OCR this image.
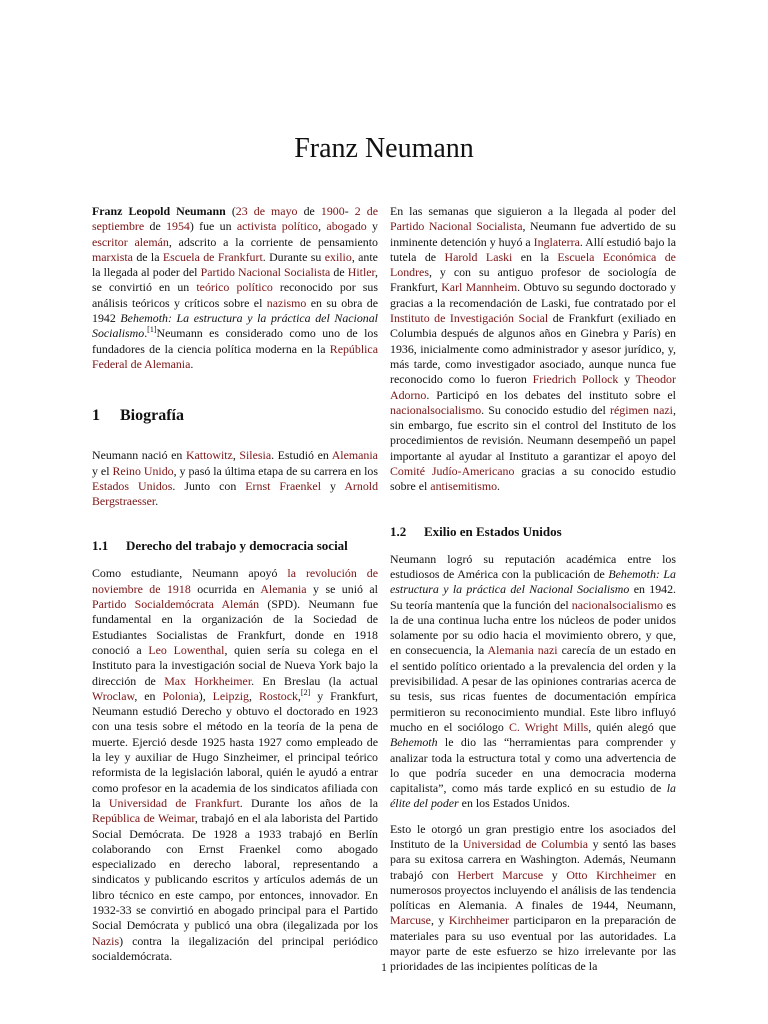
Franz Neumann

Franz Leopold Neumann (23 de mayo de 1900- 2 de septiembre de 1954) fue un activista político, abogado y escritor alemán, adscrito a la corriente de pensamiento marxista de la Escuela de Frankfurt. Durante su exilio, ante la llegada al poder del Partido Nacional Socialista de Hitler, se convirtió en un teórico político reconocido por sus análisis teóricos y críticos sobre el nazismo en su obra de 1942 Behemoth: La estructura y la práctica del Nacional Socialismo.[1]Neumann es considerado como uno de los fundadores de la ciencia política moderna en la República Federal de Alemania.

1	Biografía

Neumann nació en Kattowitz, Silesia. Estudió en Alemania y el Reino Unido, y pasó la última etapa de su carrera en los Estados Unidos. Junto con Ernst Fraenkel y Arnold Bergstraesser.

1.1	Derecho del trabajo y democracia social

Como estudiante, Neumann apoyó la revolución de noviembre de 1918 ocurrida en Alemania y se unió al Partido Socialdemócrata Alemán (SPD). Neumann fue fundamental en la organización de la Sociedad de Estudiantes Socialistas de Frankfurt, donde en 1918 conoció a Leo Lowenthal, quien sería su colega en el Instituto para la investigación social de Nueva York bajo la dirección de Max Horkheimer. En Breslau (la actual Wroclaw, en Polonia), Leipzig, Rostock,[2] y Frankfurt, Neumann estudió Derecho y obtuvo el doctorado en 1923 con una tesis sobre el método en la teoría de la pena de muerte. Ejerció desde 1925 hasta 1927 como empleado de la ley y auxiliar de Hugo Sinzheimer, el principal teórico reformista de la legislación laboral, quién le ayudó a entrar como profesor en la academia de los sindicatos afiliada con la Universidad de Frankfurt. Durante los años de la República de Weimar, trabajó en el ala laborista del Partido Social Demócrata. De 1928 a 1933 trabajó en Berlín colaborando con Ernst Fraenkel como abogado especializado en derecho laboral, representando a sindicatos y publicando escritos y artículos además de un libro técnico en este campo, por entonces, innovador. En 1932-33 se convirtió en abogado principal para el Partido Social Demócrata y publicó una obra (ilegalizada por los Nazis) contra la ilegalización del principal periódico socialdemócrata.

En las semanas que siguieron a la llegada al poder del Partido Nacional Socialista, Neumann fue advertido de su inminente detención y huyó a Inglaterra. Allí estudió bajo la tutela de Harold Laski en la Escuela Económica de Londres, y con su antiguo profesor de sociología de Frankfurt, Karl Mannheim. Obtuvo su segundo doctorado y gracias a la recomendación de Laski, fue contratado por el Instituto de Investigación Social de Frankfurt (exiliado en Columbia después de algunos años en Ginebra y París) en 1936, inicialmente como administrador y asesor jurídico, y, más tarde, como investigador asociado, aunque nunca fue reconocido como lo fueron Friedrich Pollock y Theodor Adorno. Participó en los debates del instituto sobre el nacionalsocialismo. Su conocido estudio del régimen nazi, sin embargo, fue escrito sin el control del Instituto de los procedimientos de revisión. Neumann desempeñó un papel importante al ayudar al Instituto a garantizar el apoyo del Comité Judío-Americano gracias a su conocido estudio sobre el antisemitismo.

1.2	Exilio en Estados Unidos

Neumann logró su reputación académica entre los estudiosos de América con la publicación de Behemoth: La estructura y la práctica del Nacional Socialismo en 1942. Su teoría mantenía que la función del nacionalsocialismo es la de una continua lucha entre los núcleos de poder unidos solamente por su odio hacia el movimiento obrero, y que, en consecuencia, la Alemania nazi carecía de un estado en el sentido político orientado a la prevalencia del orden y la previsibilidad. A pesar de las opiniones contrarias acerca de su tesis, sus ricas fuentes de documentación empírica permitieron su reconocimiento mundial. Este libro influyó mucho en el sociólogo C. Wright Mills, quién alegó que Behemoth le dio las “herramientas para comprender y analizar toda la estructura total y como una advertencia de lo que podría suceder en una democracia moderna capitalista”, como más tarde explicó en su estudio de la élite del poder en los Estados Unidos.

Esto le otorgó un gran prestigio entre los asociados del Instituto de la Universidad de Columbia y sentó las bases para su exitosa carrera en Washington. Además, Neumann trabajó con Herbert Marcuse y Otto Kirchheimer en numerosos proyectos incluyendo el análisis de las tendencia políticas en Alemania. A finales de 1944, Neumann, Marcuse, y Kirchheimer participaron en la preparación de materiales para su uso eventual por las autoridades. La mayor parte de este esfuerzo se hizo irrelevante por las prioridades de las incipientes políticas de la

1
